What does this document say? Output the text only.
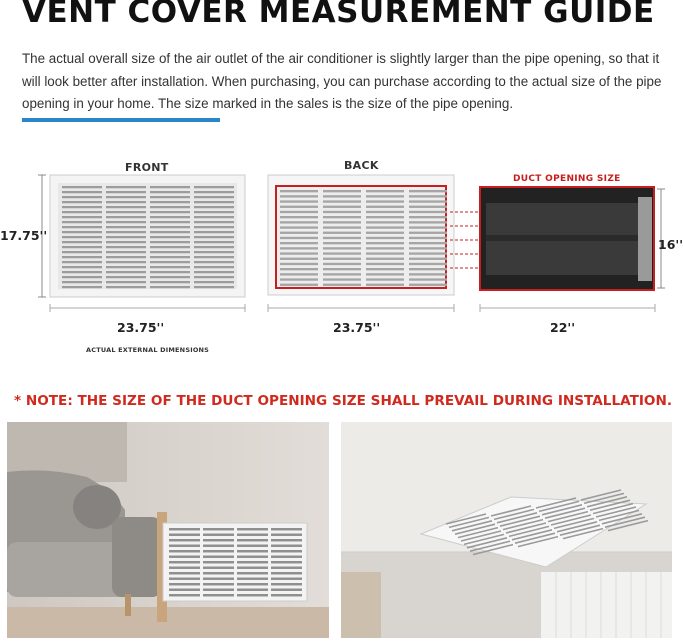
VENT COVER MEASUREMENT GUIDE
The actual overall size of the air outlet of the air conditioner is slightly larger than the pipe opening, so that it will look better after installation. When purchasing, you can purchase according to the actual size of the pipe opening in your home. The size marked in the sales is the size of the pipe opening.
FRONT	BACK
DUCT OPENING SIZE
17.75''
16''
23.75''	23.75''	22''
ACTUAL EXTERNAL DIMENSIONS
* NOTE: THE SIZE OF THE DUCT OPENING SIZE SHALL PREVAIL DURING INSTALLATION.
